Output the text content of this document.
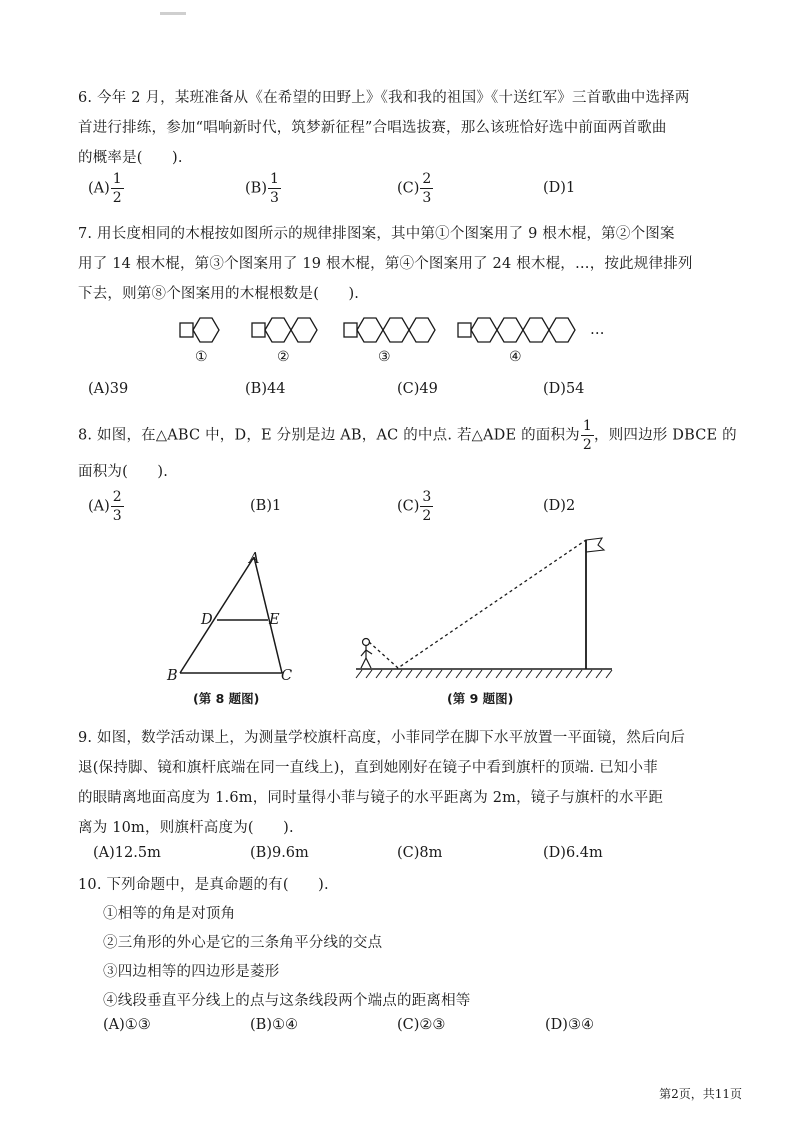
6. 今年 2 月，某班准备从《在希望的田野上》《我和我的祖国》《十送红军》三首歌曲中选择两
首进行排练，参加“唱响新时代，筑梦新征程”合唱选拔赛，那么该班恰好选中前面两首歌曲
的概率是(　　).
$(A) \frac{1}{2}$	$(B) \frac{1}{3}$	$(C) \frac{2}{3}$	(D)1
7. 用长度相同的木棍按如图所示的规律排图案，其中第①个图案用了 9 根木棍，第②个图案
用了 14 根木棍，第③个图案用了 19 根木棍，第④个图案用了 24 根木棍，…，按此规律排列
下去，则第⑧个图案用的木棍根数是(　　).
①	②	③	④
…
(A)39	(B)44	(C)49	(D)54
8. 如图，在△ABC 中，D，E 分别是边 AB，AC 的中点. 若△ADE 的面积为 $\frac{1}{2}$ ，则四边形 DBCE 的
面积为(　　).
$(A) \frac{2}{3}$	(B)1	$(C) \frac{3}{2}$	(D)2
A
D	E
B	C
(第 8 题图)	(第 9 题图)
9. 如图，数学活动课上，为测量学校旗杆高度，小菲同学在脚下水平放置一平面镜，然后向后
退(保持脚、镜和旗杆底端在同一直线上)，直到她刚好在镜子中看到旗杆的顶端. 已知小菲
的眼睛离地面高度为 1.6m，同时量得小菲与镜子的水平距离为 2m，镜子与旗杆的水平距
离为 10m，则旗杆高度为(　　).
(A)12.5m	(B)9.6m	(C)8m	(D)6.4m
10. 下列命题中，是真命题的有(　　).
①相等的角是对顶角
②三角形的外心是它的三条角平分线的交点
③四边相等的四边形是菱形
④线段垂直平分线上的点与这条线段两个端点的距离相等
(A)①③	(B)①④	(C)②③	(D)③④
第2页，共11页
